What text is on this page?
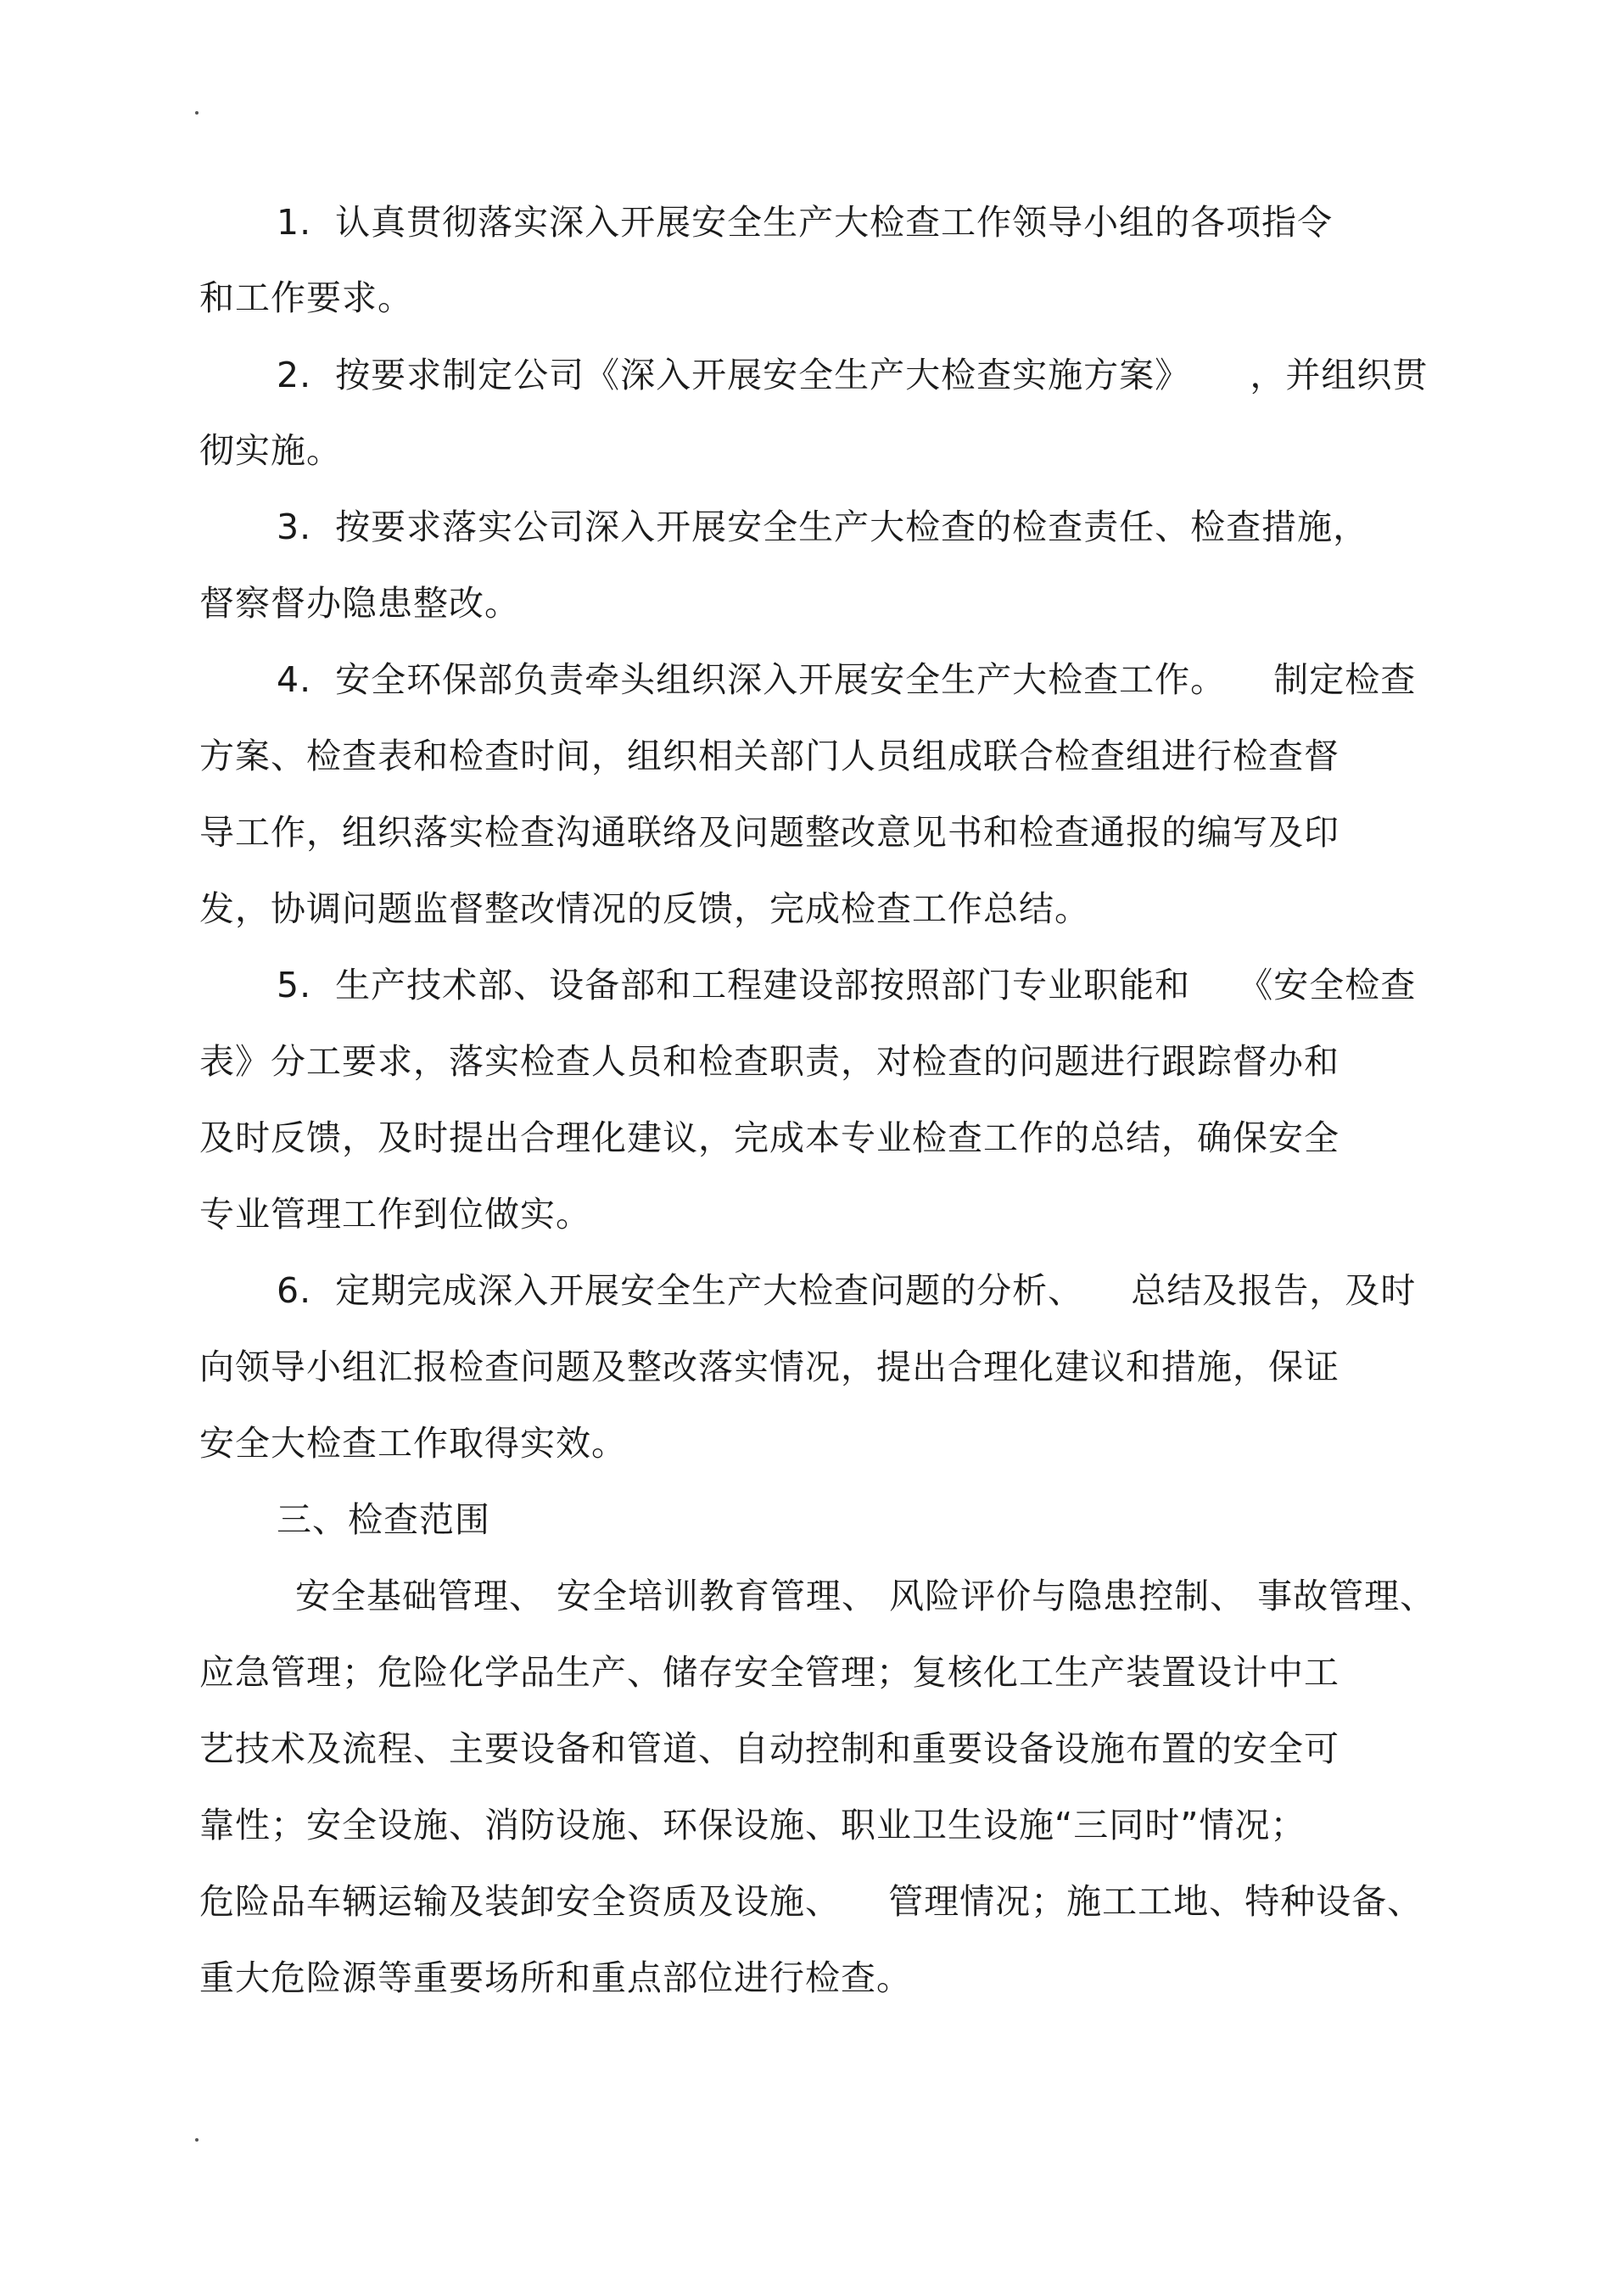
1.  认真贯彻落实深入开展安全生产大检查工作领导小组的各项指令
和工作要求。
2.  按要求制定公司《深入开展安全生产大检查实施方案》     ，并组织贯
彻实施。
3.  按要求落实公司深入开展安全生产大检查的检查责任、检查措施，
督察督办隐患整改。
4.  安全环保部负责牵头组织深入开展安全生产大检查工作。    制定检查
方案、检查表和检查时间，组织相关部门人员组成联合检查组进行检查督
导工作，组织落实检查沟通联络及问题整改意见书和检查通报的编写及印
发，协调问题监督整改情况的反馈，完成检查工作总结。
5.  生产技术部、设备部和工程建设部按照部门专业职能和    《安全检查
表》分工要求，落实检查人员和检查职责，对检查的问题进行跟踪督办和
及时反馈，及时提出合理化建议，完成本专业检查工作的总结，确保安全
专业管理工作到位做实。
6.  定期完成深入开展安全生产大检查问题的分析、    总结及报告，及时
向领导小组汇报检查问题及整改落实情况，提出合理化建议和措施，保证
安全大检查工作取得实效。
三、检查范围
安全基础管理、 安全培训教育管理、 风险评价与隐患控制、 事故管理、
应急管理；危险化学品生产、储存安全管理；复核化工生产装置设计中工
艺技术及流程、主要设备和管道、自动控制和重要设备设施布置的安全可
靠性；安全设施、消防设施、环保设施、职业卫生设施“三同时”情况；
危险品车辆运输及装卸安全资质及设施、    管理情况；施工工地、特种设备、
重大危险源等重要场所和重点部位进行检查。
